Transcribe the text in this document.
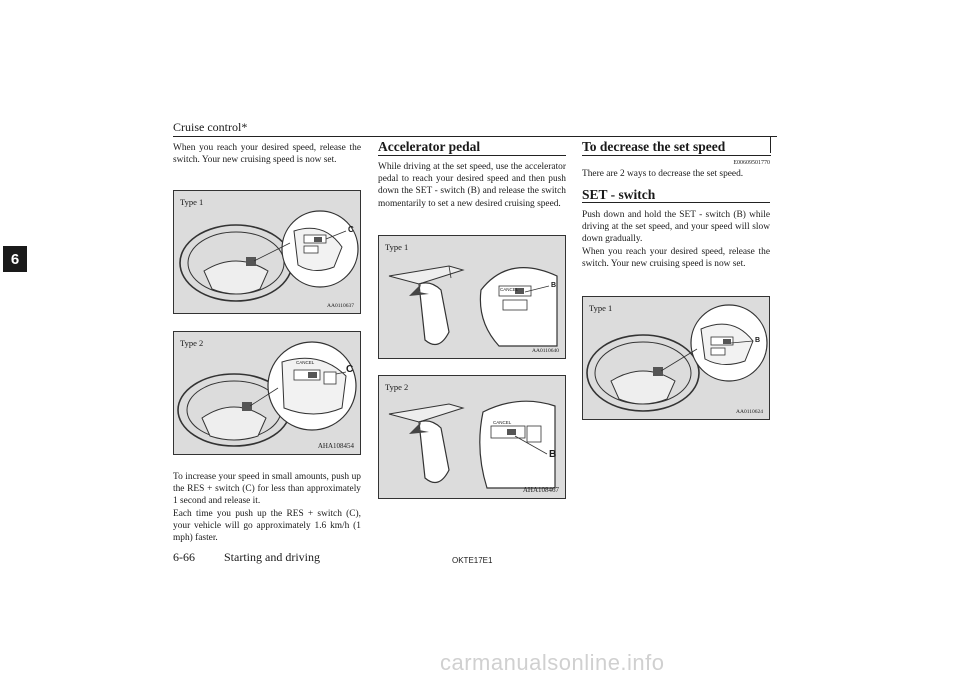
Cruise control*
6

When you reach your desired speed, release the switch. Your new cruising speed is now set.

C
Type 1
AA0110637
CANCEL
C
Type 2
AHA108454

To increase your speed in small amounts, push up the RES + switch (C) for less than approximately 1 second and release it.

Each time you push up the RES + switch (C), your vehicle will go approximately 1.6 km/h (1 mph) faster.

Accelerator pedal

While driving at the set speed, use the accelerator pedal to reach your desired speed and then push down the SET - switch (B) and release the switch momentarily to set a new desired cruising speed.

CANCEL
B
Type 1
AA0110640
CANCEL
B
Type 2
AHA108467
To decrease the set speed
E00609501770

There are 2 ways to decrease the set speed.

SET - switch

Push down and hold the SET - switch (B) while driving at the set speed, and your speed will slow down gradually.

When you reach your desired speed, release the switch. Your new cruising speed is now set.

B
Type 1
AA0110624
6-66 Starting and driving	OKTE17E1
carmanualsonline.info
